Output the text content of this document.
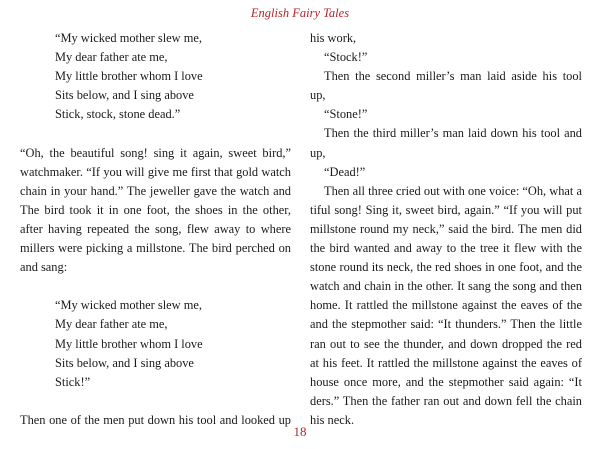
English Fairy Tales
“My wicked mother slew me,
My dear father ate me,
My little brother whom I love
Sits below, and I sing above
Stick, stock, stone dead.”
“Oh, the beautiful song! sing it again, sweet bird,”
watchmaker. “If you will give me first that gold watch
chain in your hand.” The jeweller gave the watch and
The bird took it in one foot, the shoes in the other,
after having repeated the song, flew away to where
millers were picking a millstone. The bird perched on
and sang:
“My wicked mother slew me,
My dear father ate me,
My little brother whom I love
Sits below, and I sing above
Stick!”
Then one of the men put down his tool and looked up
his work,
“Stock!”
Then the second miller’s man laid aside his tool
up,
“Stone!”
Then the third miller’s man laid down his tool and
up,
“Dead!”
Then all three cried out with one voice: “Oh, what a
tiful song! Sing it, sweet bird, again.” “If you will put
millstone round my neck,” said the bird. The men did
the bird wanted and away to the tree it flew with the
stone round its neck, the red shoes in one foot, and the
watch and chain in the other. It sang the song and then
home. It rattled the millstone against the eaves of the
and the stepmother said: “It thunders.” Then the little
ran out to see the thunder, and down dropped the red
at his feet. It rattled the millstone against the eaves of
house once more, and the stepmother said again: “It
ders.” Then the father ran out and down fell the chain
his neck.
18
